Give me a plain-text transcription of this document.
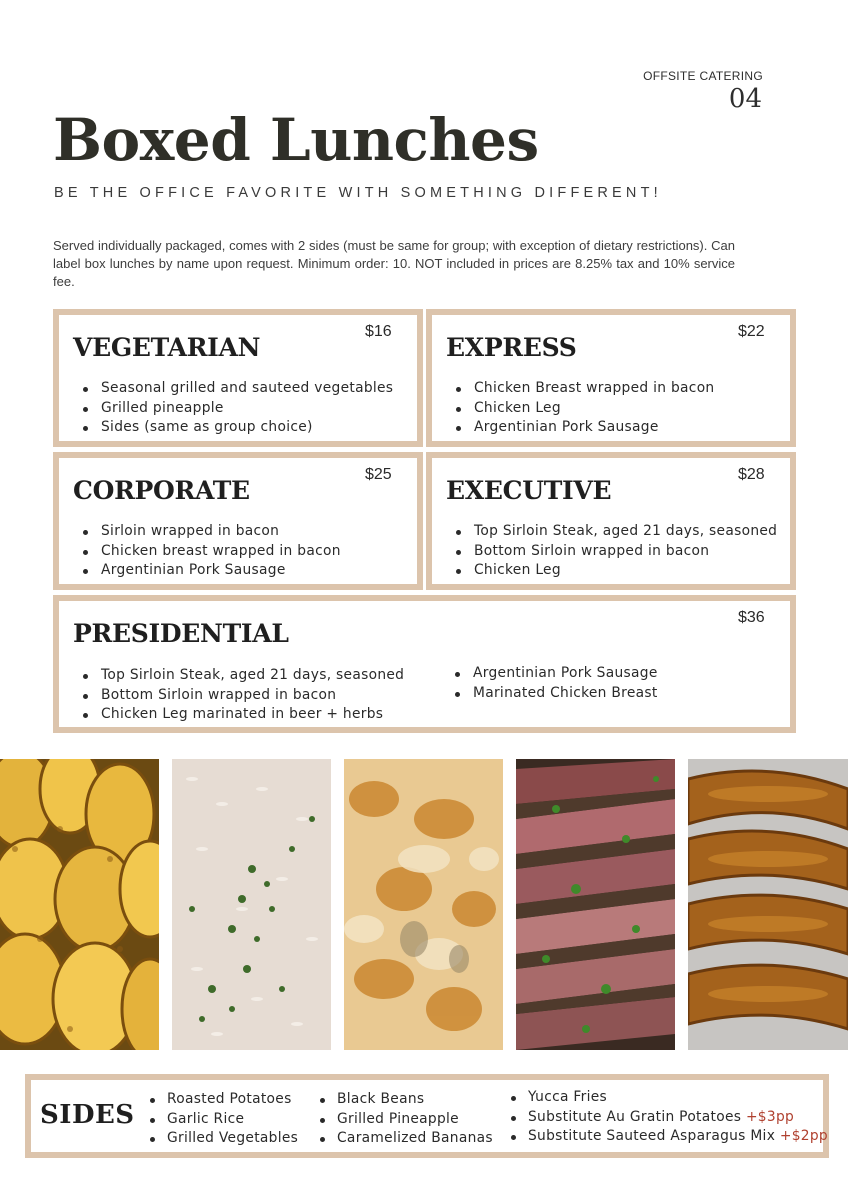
OFFSITE CATERING
04
Boxed Lunches
BE THE OFFICE FAVORITE WITH SOMETHING DIFFERENT!

Served individually packaged, comes with 2 sides (must be same for group; with exception of dietary restrictions). Can label box lunches by name upon request. Minimum order: 10. NOT included in prices are 8.25% tax and 10% service fee.

VEGETARIAN
$16
Seasonal grilled and sauteed vegetables
Grilled pineapple
Sides (same as group choice)
EXPRESS
$22
Chicken Breast wrapped in bacon
Chicken Leg
Argentinian Pork Sausage
CORPORATE
$25
Sirloin wrapped in bacon
Chicken breast wrapped in bacon
Argentinian Pork Sausage
EXECUTIVE
$28
Top Sirloin Steak, aged 21 days, seasoned
Bottom Sirloin wrapped in bacon
Chicken Leg
PRESIDENTIAL
$36
Top Sirloin Steak, aged 21 days, seasoned
Bottom Sirloin wrapped in bacon
Chicken Leg marinated in beer + herbs
Argentinian Pork Sausage
Marinated Chicken Breast
SIDES
Roasted Potatoes
Garlic Rice
Grilled Vegetables
Black Beans
Grilled Pineapple
Caramelized Bananas
Yucca Fries
Substitute Au Gratin Potatoes +$3pp
Substitute Sauteed Asparagus Mix +$2pp
